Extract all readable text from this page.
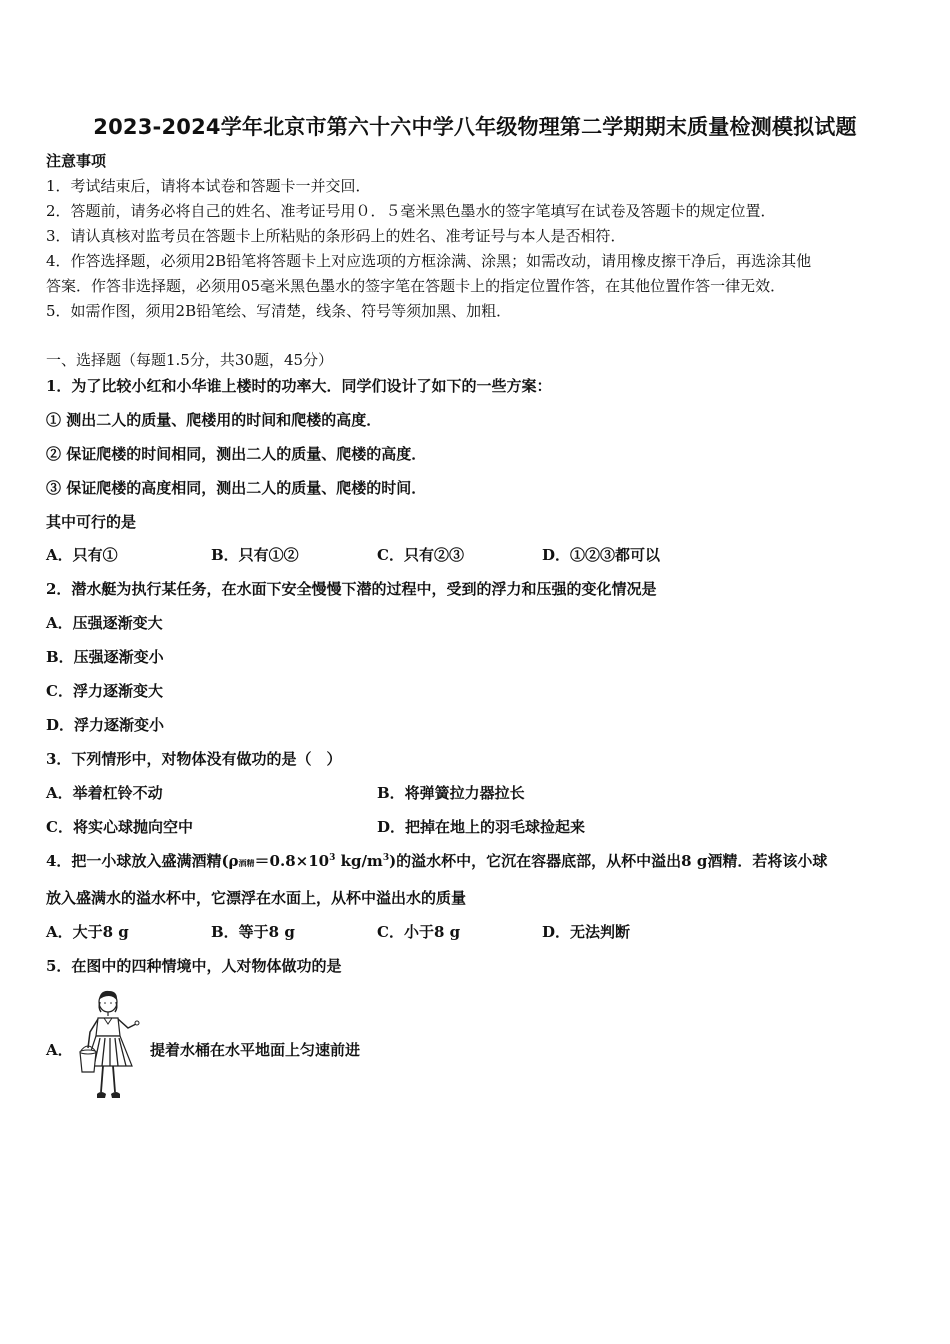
2023-2024学年北京市第六十六中学八年级物理第二学期期末质量检测模拟试题
注意事项
1．考试结束后，请将本试卷和答题卡一并交回．
2．答题前，请务必将自己的姓名、准考证号用０．５毫米黑色墨水的签字笔填写在试卷及答题卡的规定位置．
3．请认真核对监考员在答题卡上所粘贴的条形码上的姓名、准考证号与本人是否相符．
4．作答选择题，必须用2B铅笔将答题卡上对应选项的方框涂满、涂黑；如需改动，请用橡皮擦干净后，再选涂其他
答案．作答非选择题，必须用05毫米黑色墨水的签字笔在答题卡上的指定位置作答，在其他位置作答一律无效．
5．如需作图，须用2B铅笔绘、写清楚，线条、符号等须加黑、加粗．
一、选择题（每题1.5分，共30题，45分）
1．为了比较小红和小华谁上楼时的功率大．同学们设计了如下的一些方案：
① 测出二人的质量、爬楼用的时间和爬楼的高度．
② 保证爬楼的时间相同，测出二人的质量、爬楼的高度．
③ 保证爬楼的高度相同，测出二人的质量、爬楼的时间．
其中可行的是
A．只有①	B．只有①②	C．只有②③	D．①②③都可以
2．潜水艇为执行某任务，在水面下安全慢慢下潜的过程中，受到的浮力和压强的变化情况是
A．压强逐渐变大
B．压强逐渐变小
C．浮力逐渐变大
D．浮力逐渐变小
3．下列情形中，对物体没有做功的是（　）
A．举着杠铃不动	B．将弹簧拉力器拉长
C．将实心球抛向空中	D．把掉在地上的羽毛球捡起来
4．把一小球放入盛满酒精(ρ酒精$=0.8\times 10^3$ $kg/m^3$)的溢水杯中，它沉在容器底部，从杯中溢出8 g酒精．若将该小球
放入盛满水的溢水杯中，它漂浮在水面上，从杯中溢出水的质量
A．大于8 g	B．等于8 g	C．小于8 g	D．无法判断
5．在图中的四种情境中，人对物体做功的是
A．	提着水桶在水平地面上匀速前进
